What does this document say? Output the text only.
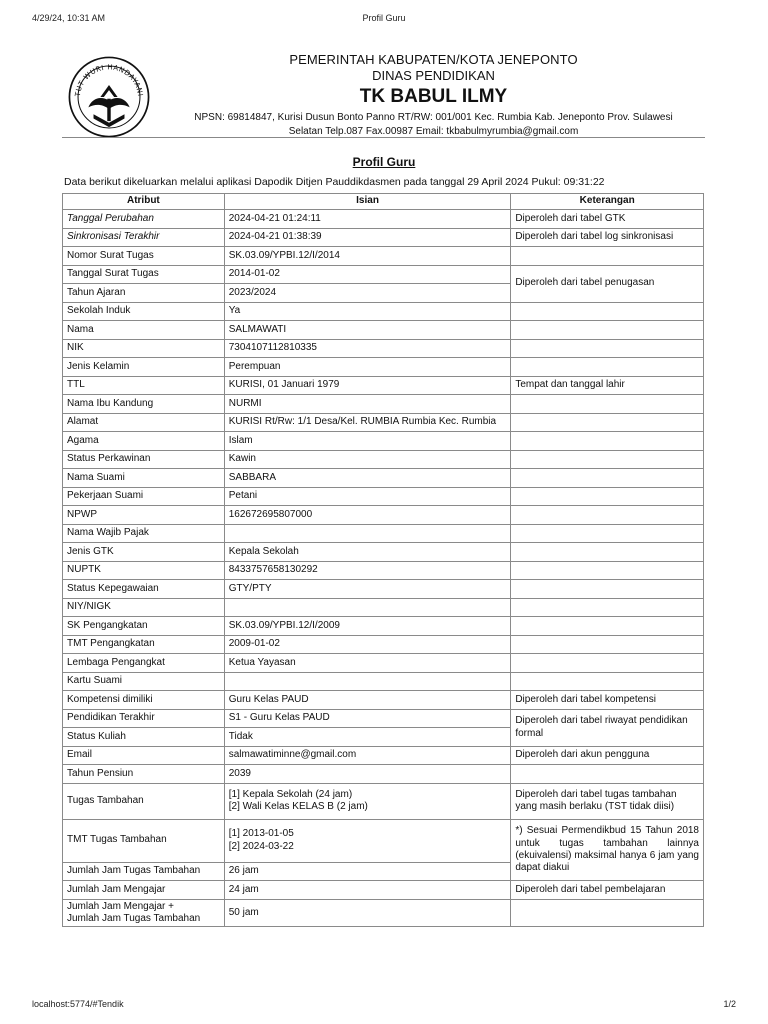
4/29/24, 10:31 AM	Profil Guru
TUT WURI HANDAYANI
PEMERINTAH KABUPATEN/KOTA JENEPONTO
DINAS PENDIDIKAN
TK BABUL ILMY
NPSN: 69814847, Kurisi Dusun Bonto Panno RT/RW: 001/001 Kec. Rumbia Kab. Jeneponto Prov. Sulawesi
Selatan Telp.087 Fax.00987 Email: tkbabulmyrumbia@gmail.com
Profil Guru
Data berikut dikeluarkan melalui aplikasi Dapodik Ditjen Pauddikdasmen pada tanggal 29 April 2024 Pukul: 09:31:22
Atribut	Isian	Keterangan
Tanggal Perubahan	2024-04-21 01:24:11	Diperoleh dari tabel GTK
Sinkronisasi Terakhir	2024-04-21 01:38:39	Diperoleh dari tabel log sinkronisasi
Nomor Surat Tugas	SK.03.09/YPBI.12/I/2014	
Tanggal Surat Tugas	2014-01-02	Diperoleh dari tabel penugasan
Tahun Ajaran	2023/2024	
Sekolah Induk	Ya	
Nama	SALMAWATI	
NIK	7304107112810335	
Jenis Kelamin	Perempuan	
TTL	KURISI, 01 Januari 1979	Tempat dan tanggal lahir
Nama Ibu Kandung	NURMI	
Alamat	KURISI Rt/Rw: 1/1 Desa/Kel. RUMBIA Rumbia Kec. Rumbia	
Agama	Islam	
Status Perkawinan	Kawin	
Nama Suami	SABBARA	
Pekerjaan Suami	Petani	
NPWP	162672695807000	
Nama Wajib Pajak		
Jenis GTK	Kepala Sekolah	
NUPTK	8433757658130292	
Status Kepegawaian	GTY/PTY	
NIY/NIGK		
SK Pengangkatan	SK.03.09/YPBI.12/I/2009	
TMT Pengangkatan	2009-01-02	
Lembaga Pengangkat	Ketua Yayasan	
Kartu Suami		
Kompetensi dimiliki	Guru Kelas PAUD	Diperoleh dari tabel kompetensi
Pendidikan Terakhir	S1 - Guru Kelas PAUD	Diperoleh dari tabel riwayat pendidikan formal
Status Kuliah	Tidak	
Email	salmawatiminne@gmail.com	Diperoleh dari akun pengguna
Tahun Pensiun	2039	
Tugas Tambahan	[1] Kepala Sekolah (24 jam)
[2] Wali Kelas KELAS B (2 jam)	Diperoleh dari tabel tugas tambahan yang masih berlaku (TST tidak diisi)
TMT Tugas Tambahan	[1] 2013-01-05
[2] 2024-03-22	*) Sesuai Permendikbud 15 Tahun 2018 untuk tugas tambahan lainnya (ekuivalensi) maksimal hanya 6 jam yang dapat diakui
Jumlah Jam Tugas Tambahan	26 jam	
Jumlah Jam Mengajar	24 jam	Diperoleh dari tabel pembelajaran

Jumlah Jam Mengajar +
Jumlah Jam Tugas Tambahan	50 jam	
localhost:5774/#Tendik	1/2
